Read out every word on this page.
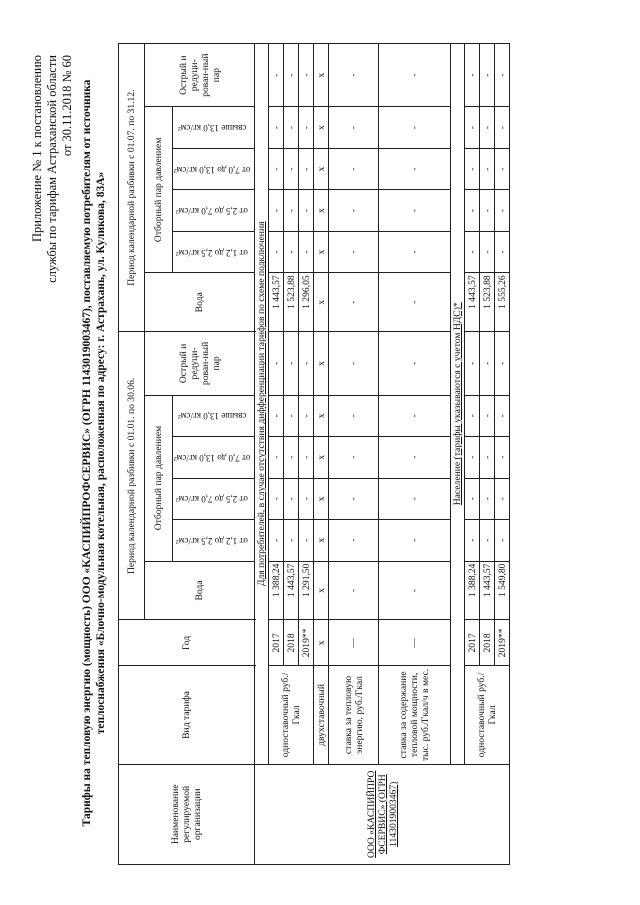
Приложение № 1 к постановлению службы по тарифам Астраханской области от 30.11.2018 № 60 Тарифы на тепловую энергию (мощность) ООО «КАСПИЙПРОФСЕРВИС» (ОГРН 1143019003467), поставляемую потребителям от источника теплоснабжения «Блочно-модульная котельная, расположенная по адресу: г. Астрахань, ул. Куликова, 83А»
Наименование регулируемой организации	Вид тарифа	Год	Период календарной разбивки с 01.01. по 30.06.						Период календарной разбивки с 01.07. по 31.12.					
			Вода	Отборный пар давлением				Острый и редуци-рован-ный пар	Вода	Отборный пар давлением				Острый и редуци-рован-ный пар
				от 1,2 до 2,5 кг/см²	от 2,5 до 7,0 кг/см²	от 7,0 до 13,0 кг/см²	свыше 13,0 кг/см²			от 1,2 до 2,5 кг/см²	от 2,5 до 7,0 кг/см²	от 7,0 до 13,0 кг/см²	свыше 13,0 кг/см²	

ООО «КАСПИЙПРО ФСЕРВИС» (ОГРН 1143019003467)	Для потребителей, в случае отсутствия дифференциации тарифов по схеме подключения													
	одноставочный руб./Гкал	2017	1 388,24	-	-	-	-	-	1 443,57	-	-	-	-	-
		2018	1 443,57	-	-	-	-	-	1 523,88	-	-	-	-	-
		2019**	1 291,50	-	-	-	-	-	1 296,05	-	-	-	-	-
	двухставочный	х	х	х	х	х	х	х	х	х	х	х	х	х
	ставка за тепловую энергию, руб./Гкал	—	-	-	-	-	-	-	-	-	-	-	-	-
	ставка за содержание тепловой мощности, тыс. руб./Гкал/ч в мес.	—	-	-	-	-	-	-	-	-	-	-	-	-
	Население (тарифы указываются с учетом НДС)*													
	одноставочный руб./Гкал	2017	1 388,24	-	-	-	-	-	1 443,57	-	-	-	-	-
		2018	1 443,57	-	-	-	-	-	1 523,88	-	-	-	-	-
		2019**	1 549,80	-	-	-	-	-	1 555,26	-	-	-	-	-
